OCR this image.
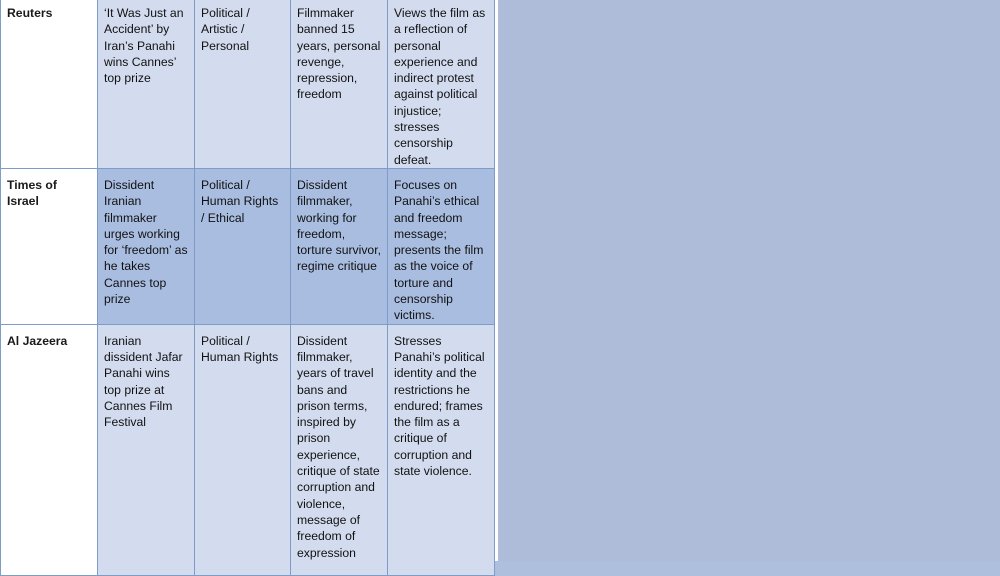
Reuters	‘It Was Just an Accident’ by Iran’s Panahi wins Cannes’ top prize	Political / Artistic / Personal	Filmmaker banned 15 years, personal revenge, repression, freedom	Views the film as a reflection of personal experience and indirect protest against political injustice; stresses censorship defeat.
Times of Israel	Dissident Iranian filmmaker urges working for ‘freedom’ as he takes Cannes top prize	Political / Human Rights / Ethical	Dissident filmmaker, working for freedom, torture survivor, regime critique	Focuses on Panahi’s ethical and freedom message; presents the film as the voice of torture and censorship victims.
Al Jazeera	Iranian dissident Jafar Panahi wins top prize at Cannes Film Festival	Political / Human Rights	Dissident filmmaker, years of travel bans and prison terms, inspired by prison experience, critique of state corruption and violence, message of freedom of expression	Stresses Panahi’s political identity and the restrictions he endured; frames the film as a critique of corruption and state violence.
